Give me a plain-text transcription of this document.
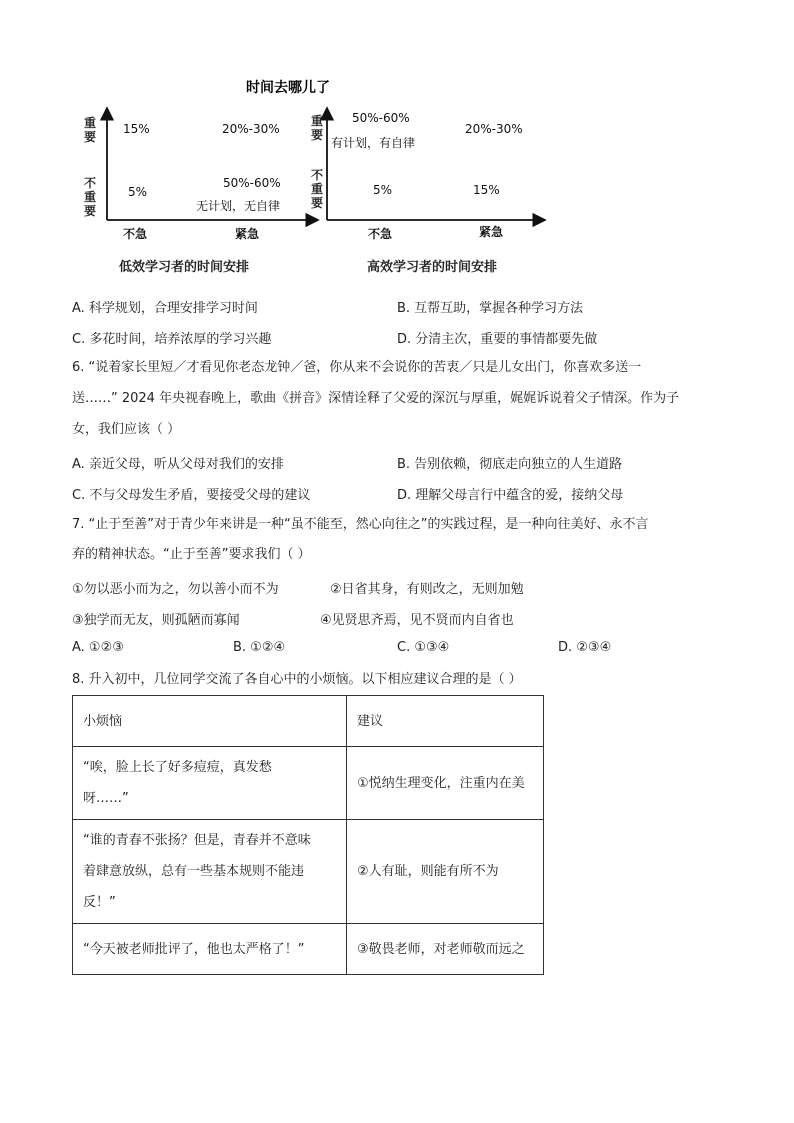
时间去哪儿了
重要
不重要
15%	20%-30%
5%
50%-60%
无计划，无自律
不急	紧急
低效学习者的时间安排
重要
不重要
50%-60%
有计划，有自律
20%-30%
5%	15%
不急	紧急
高效学习者的时间安排
A. 科学规划，合理安排学习时间	B. 互帮互助，掌握各种学习方法
C. 多花时间，培养浓厚的学习兴趣	D. 分清主次，重要的事情都要先做
6. “说着家长里短／才看见你老态龙钟／爸，你从来不会说你的苦衷／只是儿女出门，你喜欢多送一
送……” 2024 年央视春晚上，歌曲《拼音》深情诠释了父爱的深沉与厚重，娓娓诉说着父子情深。作为子
女，我们应该（ ）
A. 亲近父母，听从父母对我们的安排	B. 告别依赖，彻底走向独立的人生道路
C. 不与父母发生矛盾，要接受父母的建议	D. 理解父母言行中蕴含的爱，接纳父母
7. “止于至善”对于青少年来讲是一种“虽不能至，然心向往之”的实践过程，是一种向往美好、永不言
弃的精神状态。“止于至善”要求我们（ ）
①勿以恶小而为之，勿以善小而不为	②日省其身，有则改之，无则加勉
③独学而无友，则孤陋而寡闻	④见贤思齐焉，见不贤而内自省也
A. ①②③	B. ①②④	C. ①③④	D. ②③④
8. 升入初中，几位同学交流了各自心中的小烦恼。以下相应建议合理的是（ ）
小烦恼	建议

“唉，脸上长了好多痘痘，真发愁
呀……”	①悦纳生理变化，注重内在美

“谁的青春不张扬？但是，青春并不意味
着肆意放纵，总有一些基本规则不能违
反！”	②人有耻，则能有所不为
“今天被老师批评了，他也太严格了！”	③敬畏老师，对老师敬而远之
